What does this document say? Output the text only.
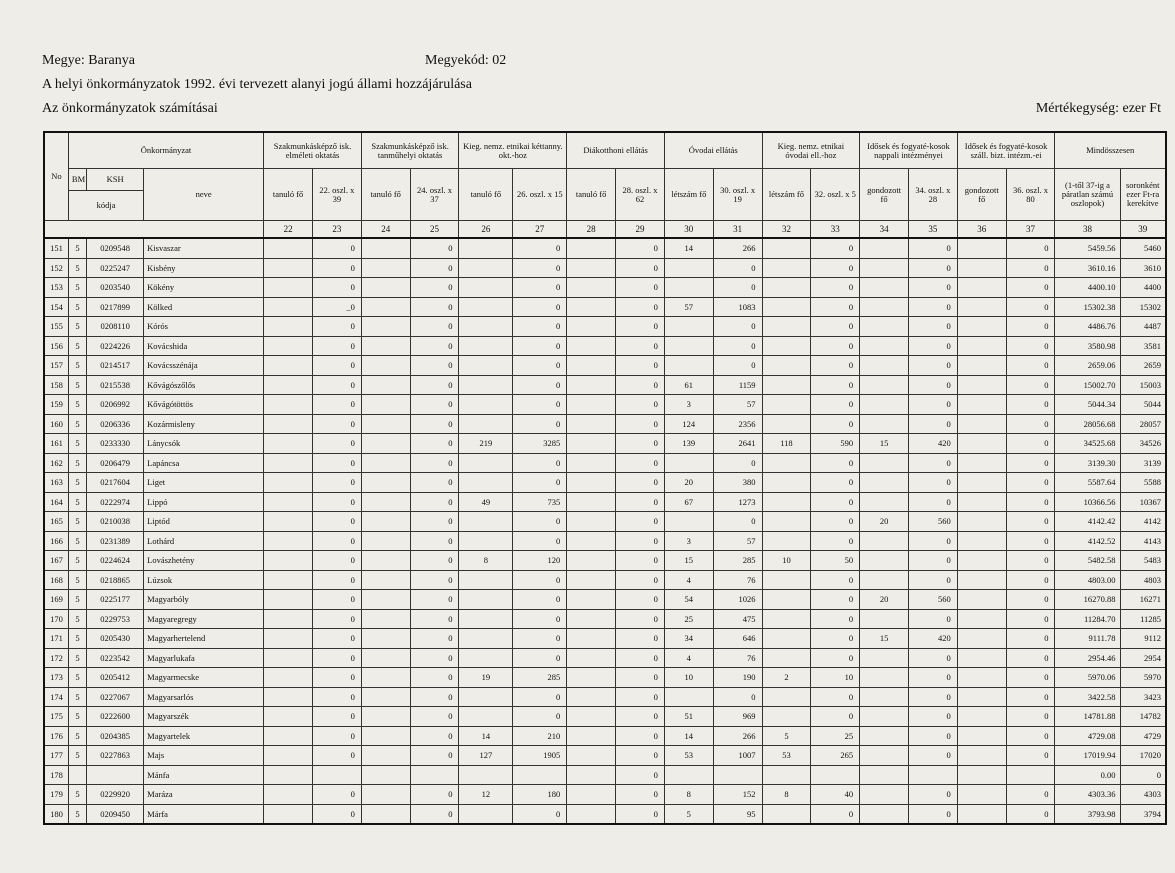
Megye: Baranya	Megyekód: 02
A helyi önkormányzatok 1992. évi tervezett alanyi jogú állami hozzájárulása
Az önkormányzatok számításai	Mértékegység: ezer Ft
No	Önkormányzat			Szakmunkásképző isk. elméleti oktatás		Szakmunkásképző isk. tanműhelyi oktatás		Kieg. nemz. etnikai kéttanny. okt.-hoz		Diákotthoni ellátás		Óvodai ellátás		Kieg. nemz. etnikai óvodai ell.-hoz		Idősek és fogyaté-kosok nappali intézményei		Idősek és fogyaté-kosok száll. bizt. intézm.-ei		Mindösszesen	
	BM	KSH	neve	tanuló fő	22. oszl. x 39	tanuló fő	24. oszl. x 37	tanuló fő	26. oszl. x 15	tanuló fő	28. oszl. x 62	létszám fő	30. oszl. x 19	létszám fő	32. oszl. x 5	gondozott fő	34. oszl. x 28	gondozott fő	36. oszl. x 80	(1-től 37-ig a páratlan számú oszlopok)	soronként ezer Ft-ra kerekítve
	kódja																				
				22	23	24	25	26	27	28	29	30	31	32	33	34	35	36	37	38	39
151	5	0209548	Kisvaszar		0		0		0		0	14	266		0		0		0	5459.56	5460
152	5	0225247	Kisbény		0		0		0		0		0		0		0		0	3610.16	3610
153	5	0203540	Kökény		0		0		0		0		0		0		0		0	4400.10	4400
154	5	0217899	Kölked		_0		0		0		0	57	1083		0		0		0	15302.38	15302
155	5	0208110	Kórós		0		0		0		0		0		0		0		0	4486.76	4487
156	5	0224226	Kovácshida		0		0		0		0		0		0		0		0	3580.98	3581
157	5	0214517	Kovácsszénája		0		0		0		0		0		0		0		0	2659.06	2659
158	5	0215538	Kővágószőlős		0		0		0		0	61	1159		0		0		0	15002.70	15003
159	5	0206992	Kővágótöttös		0		0		0		0	3	57		0		0		0	5044.34	5044
160	5	0206336	Kozármisleny		0		0		0		0	124	2356		0		0		0	28056.68	28057
161	5	0233330	Lánycsók		0		0	219	3285		0	139	2641	118	590	15	420		0	34525.68	34526
162	5	0206479	Lapáncsa		0		0		0		0		0		0		0		0	3139.30	3139
163	5	0217604	Liget		0		0		0		0	20	380		0		0		0	5587.64	5588
164	5	0222974	Lippó		0		0	49	735		0	67	1273		0		0		0	10366.56	10367
165	5	0210038	Liptód		0		0		0		0		0		0	20	560		0	4142.42	4142
166	5	0231389	Lothárd		0		0		0		0	3	57		0		0		0	4142.52	4143
167	5	0224624	Lovászhetény		0		0	8	120		0	15	285	10	50		0		0	5482.58	5483
168	5	0218865	Lúzsok		0		0		0		0	4	76		0		0		0	4803.00	4803
169	5	0225177	Magyarbóly		0		0		0		0	54	1026		0	20	560		0	16270.88	16271
170	5	0229753	Magyaregregy		0		0		0		0	25	475		0		0		0	11284.70	11285
171	5	0205430	Magyarhertelend		0		0		0		0	34	646		0	15	420		0	9111.78	9112
172	5	0223542	Magyarlukafa		0		0		0		0	4	76		0		0		0	2954.46	2954
173	5	0205412	Magyarmecske		0		0	19	285		0	10	190	2	10		0		0	5970.06	5970
174	5	0227067	Magyarsarlós		0		0		0		0		0		0		0		0	3422.58	3423
175	5	0222600	Magyarszék		0		0		0		0	51	969		0		0		0	14781.88	14782
176	5	0204385	Magyartelek		0		0	14	210		0	14	266	5	25		0		0	4729.08	4729
177	5	0227863	Majs		0		0	127	1905		0	53	1007	53	265		0		0	17019.94	17020
178			Mánfa								0									0.00	0
179	5	0229920	Maráza		0		0	12	180		0	8	152	8	40		0		0	4303.36	4303
180	5	0209450	Márfa		0		0		0		0	5	95		0		0		0	3793.98	3794
